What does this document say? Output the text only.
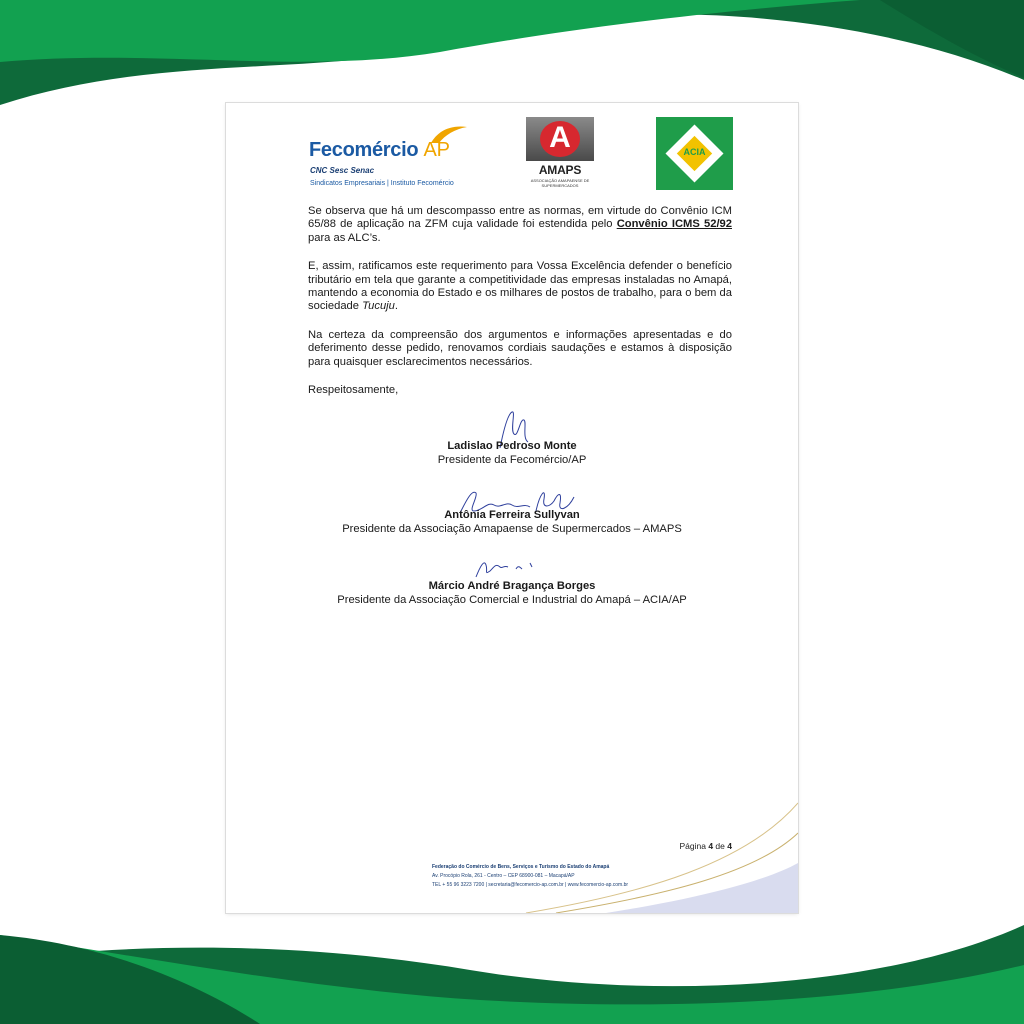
Fecomércio AP
CNC Sesc Senac
Sindicatos Empresariais | Instituto Fecomércio
A
AMAPS
ASSOCIAÇÃO AMAPAENSE DE SUPERMERCADOS
ACIA

Se observa que há um descompasso entre as normas, em virtude do Convênio ICM 65/88 de aplicação na ZFM cuja validade foi estendida pelo Convênio ICMS 52/92 para as ALC’s.

E, assim, ratificamos este requerimento para Vossa Excelência defender o benefício tributário em tela que garante a competitividade das empresas instaladas no Amapá, mantendo a economia do Estado e os milhares de postos de trabalho, para o bem da sociedade Tucuju.

Na certeza da compreensão dos argumentos e informações apresentadas e do deferimento desse pedido, renovamos cordiais saudações e estamos à disposição para quaisquer esclarecimentos necessários.

Respeitosamente,

Ladislao Pedroso Monte
Presidente da Fecomércio/AP
Antônia Ferreira Sullyvan
Presidente da Associação Amapaense de Supermercados – AMAPS
Márcio André Bragança Borges
Presidente da Associação Comercial e Industrial do Amapá – ACIA/AP
Página 4 de 4
Federação do Comércio de Bens, Serviços e Turismo do Estado do Amapá
Av. Procópio Rola, 261 - Centro – CEP 68900-081 – Macapá/AP
TEL + 55 96 3223 7200 | secretaria@fecomercio-ap.com.br | www.fecomercio-ap.com.br
